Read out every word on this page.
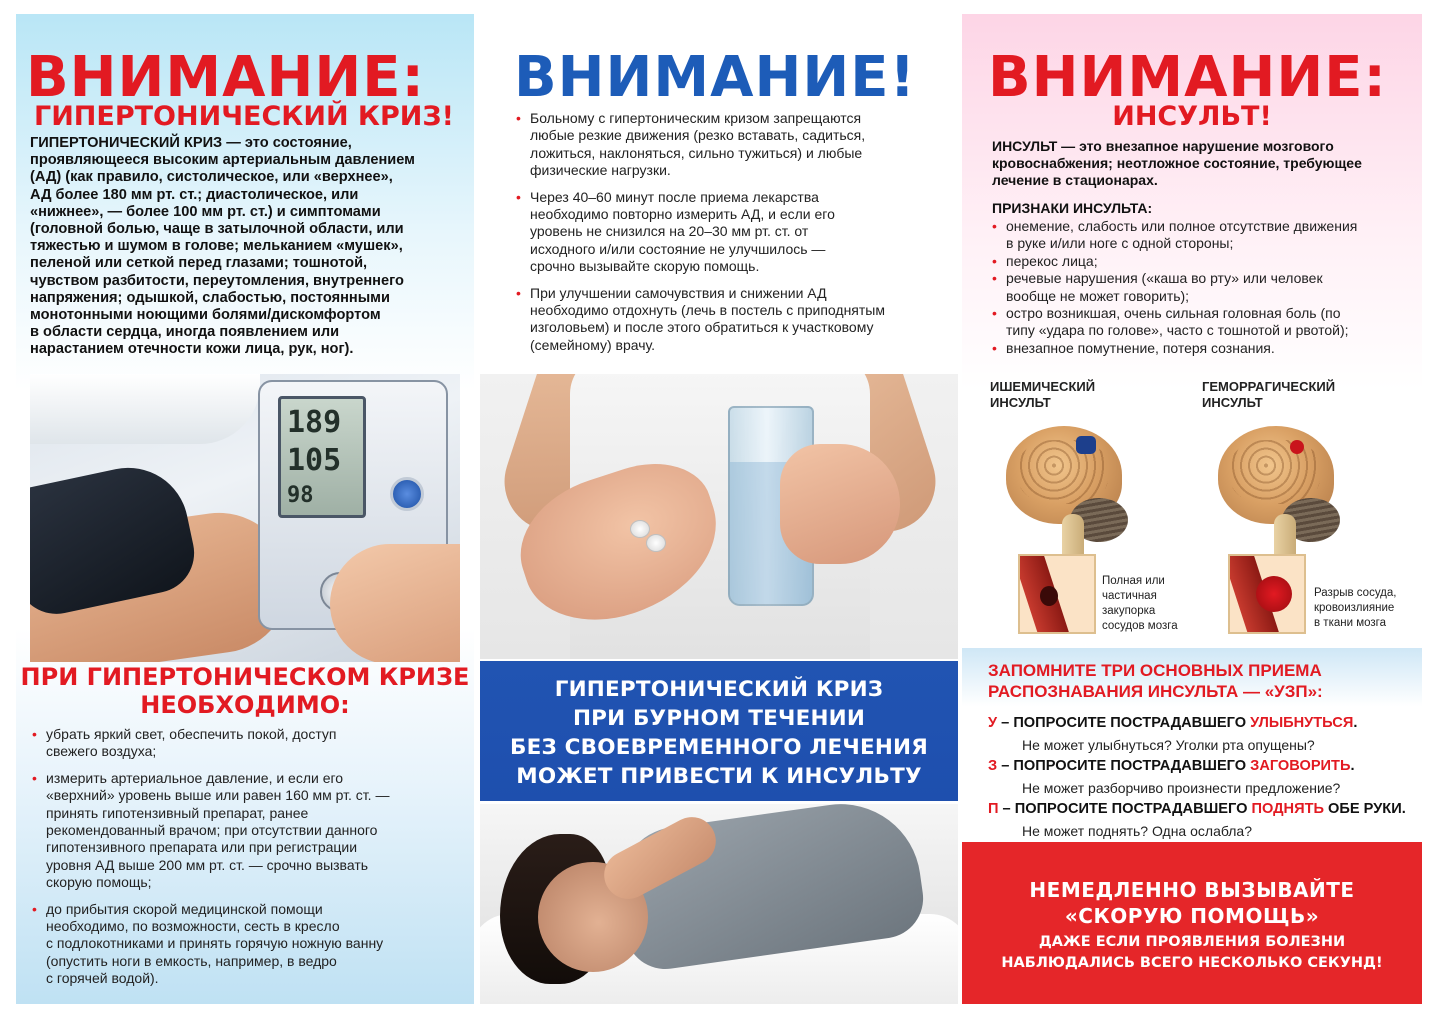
ВНИМАНИЕ:
ГИПЕРТОНИЧЕСКИЙ КРИЗ!
ГИПЕРТОНИЧЕСКИЙ КРИЗ — это состояние,
проявляющееся высоким артериальным давлением
(АД) (как правило, систолическое, или «верхнее»,
АД более 180 мм рт. ст.; диастолическое, или
«нижнее», — более 100 мм рт. ст.) и симптомами
(головной болью, чаще в затылочной области, или
тяжестью и шумом в голове; мельканием «мушек»,
пеленой или сеткой перед глазами; тошнотой,
чувством разбитости, переутомления, внутреннего
напряжения; одышкой, слабостью, постоянными
монотонными ноющими болями/дискомфортом
в области сердца, иногда появлением или
нарастанием отечности кожи лица, рук, ног).
189
105
98
ПРИ ГИПЕРТОНИЧЕСКОМ КРИЗЕ
НЕОБХОДИМО:
• убрать яркий свет, обеспечить покой, доступ
свежего воздуха;
• измерить артериальное давление, и если его
«верхний» уровень выше или равен 160 мм рт. ст. —
принять гипотензивный препарат, ранее
рекомендованный врачом; при отсутствии данного
гипотензивного препарата или при регистрации
уровня АД выше 200 мм рт. ст. — срочно вызвать
скорую помощь;
• до прибытия скорой медицинской помощи
необходимо, по возможности, сесть в кресло
с подлокотниками и принять горячую ножную ванну
(опустить ноги в емкость, например, в ведро
с горячей водой).
ВНИМАНИЕ!
• Больному с гипертоническим кризом запрещаются
любые резкие движения (резко вставать, садиться,
ложиться, наклоняться, сильно тужиться) и любые
физические нагрузки.
• Через 40–60 минут после приема лекарства
необходимо повторно измерить АД, и если его
уровень не снизился на 20–30 мм рт. ст. от
исходного и/или состояние не улучшилось —
срочно вызывайте скорую помощь.
• При улучшении самочувствия и снижении АД
необходимо отдохнуть (лечь в постель с приподнятым
изголовьем) и после этого обратиться к участковому
(семейному) врачу.
ГИПЕРТОНИЧЕСКИЙ КРИЗ
ПРИ БУРНОМ ТЕЧЕНИИ
БЕЗ СВОЕВРЕМЕННОГО ЛЕЧЕНИЯ
МОЖЕТ ПРИВЕСТИ К ИНСУЛЬТУ
ВНИМАНИЕ:
ИНСУЛЬТ!
ИНСУЛЬТ — это внезапное нарушение мозгового
кровоснабжения; неотложное состояние, требующее
лечение в стационарах.
ПРИЗНАКИ ИНСУЛЬТА:
• онемение, слабость или полное отсутствие движения
в руке и/или ноге с одной стороны;
• перекос лица;
• речевые нарушения («каша во рту» или человек
вообще не может говорить);
• остро возникшая, очень сильная головная боль (по
типу «удара по голове», часто с тошнотой и рвотой);
• внезапное помутнение, потеря сознания.
ИШЕМИЧЕСКИЙ
ИНСУЛЬТ
Полная или
частичная
закупорка
сосудов мозга
ГЕМОРРАГИЧЕСКИЙ
ИНСУЛЬТ
Разрыв сосуда,
кровоизлияние
в ткани мозга
ЗАПОМНИТЕ ТРИ ОСНОВНЫХ ПРИЕМА
РАСПОЗНАВАНИЯ ИНСУЛЬТА — «УЗП»:
У – ПОПРОСИТЕ ПОСТРАДАВШЕГО УЛЫБНУТЬСЯ.
Не может улыбнуться? Уголки рта опущены?
З – ПОПРОСИТЕ ПОСТРАДАВШЕГО ЗАГОВОРИТЬ.
Не может разборчиво произнести предложение?
П – ПОПРОСИТЕ ПОСТРАДАВШЕГО ПОДНЯТЬ ОБЕ РУКИ.
Не может поднять? Одна ослабла?
НЕМЕДЛЕННО ВЫЗЫВАЙТЕ
«СКОРУЮ ПОМОЩЬ»
ДАЖЕ ЕСЛИ ПРОЯВЛЕНИЯ БОЛЕЗНИ
НАБЛЮДАЛИСЬ ВСЕГО НЕСКОЛЬКО СЕКУНД!
